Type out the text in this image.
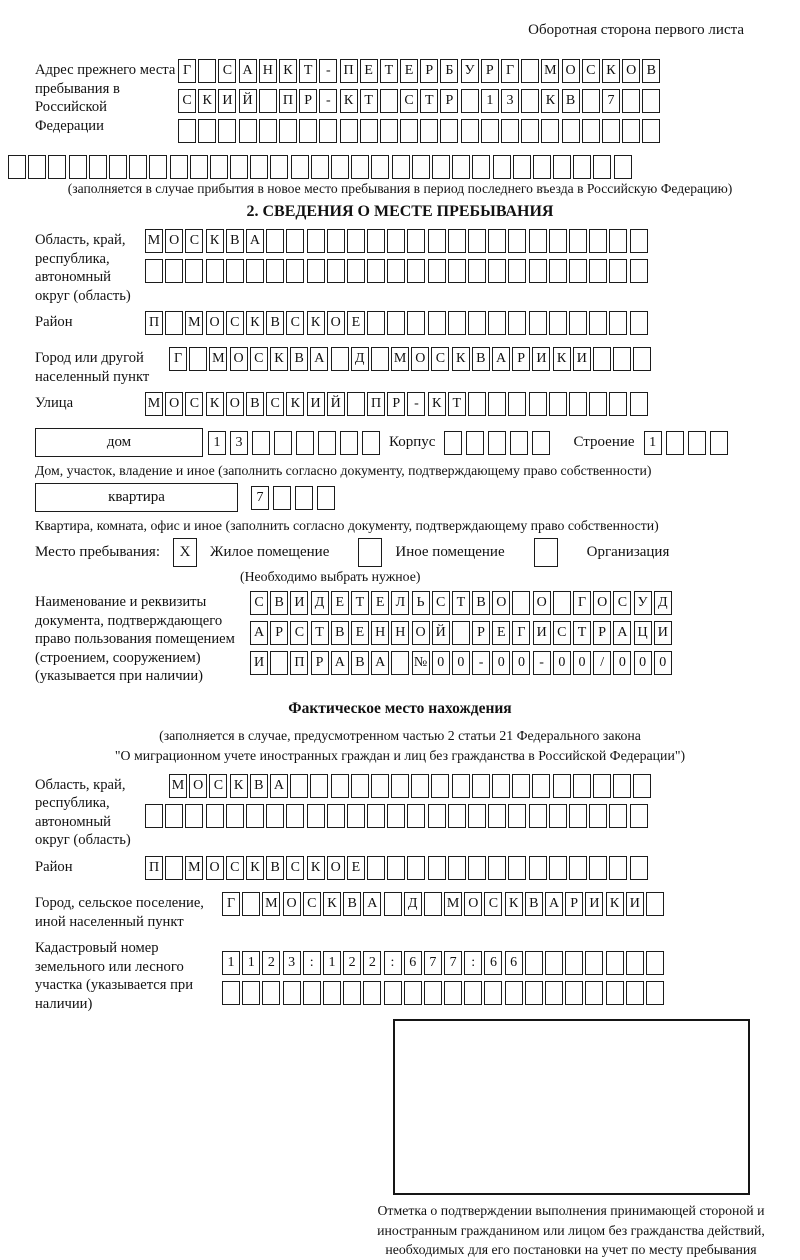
Оборотная сторона первого листа
Адрес прежнего места пребывания в Российской Федерации
Г	С А Н К Т - П Е Т Е Р Б У Р Г	М О С К О В
С К И Й П Р - К Т	С Т Р	1 3	К В	7
(заполняется в случае прибытия в новое место пребывания в период последнего въезда в Российскую Федерацию)
2. СВЕДЕНИЯ О МЕСТЕ ПРЕБЫВАНИЯ
Область, край, республика, автономный округ (область)
М О С К В А
Район	П М О С К В С К О Е
Город или другой населенный пункт
Г	М О С К В А	Д	М О С К В А Р И К И
Улица	М О С К О В С К И Й П Р - К Т
дом	1	3	Корпус	Строение	1
Дом, участок, владение и иное (заполнить согласно документу, подтверждающему право собственности)
квартира	7
Квартира, комната, офис и иное (заполнить согласно документу, подтверждающему право собственности)
Место пребывания:	X	Жилое помещение	Иное помещение	Организация
(Необходимо выбрать нужное)
Наименование и реквизиты документа, подтверждающего право пользования помещением (строением, сооружением) (указывается при наличии)
С В И Д Е Т Е Л Ь С Т В О О	Г О С У Д
А Р С Т В Е Н Н О Й	Р Е Г И С Т Р А Ц И
И П Р А В А № 0 0	-	0 0	-	0 0	/	0 0 0
Фактическое место нахождения
(заполняется в случае, предусмотренном частью 2 статьи 21 Федерального закона
"О миграционном учете иностранных граждан и лиц без гражданства в Российской Федерации")
Область, край, республика, автономный округ (область)
М О С К В А
Район	П М О С К В С К О Е
Город, сельское поселение, иной населенный пункт
Г	М О С К В А	Д	М О С К В А Р И К И
Кадастровый номер земельного или лесного участка (указывается при наличии)
1 1 2 3	:	1 2 2	:	6 7 7	:	6 6
Отметка о подтверждении выполнения принимающей стороной и иностранным гражданином или лицом без гражданства действий, необходимых для его постановки на учет по месту пребывания
